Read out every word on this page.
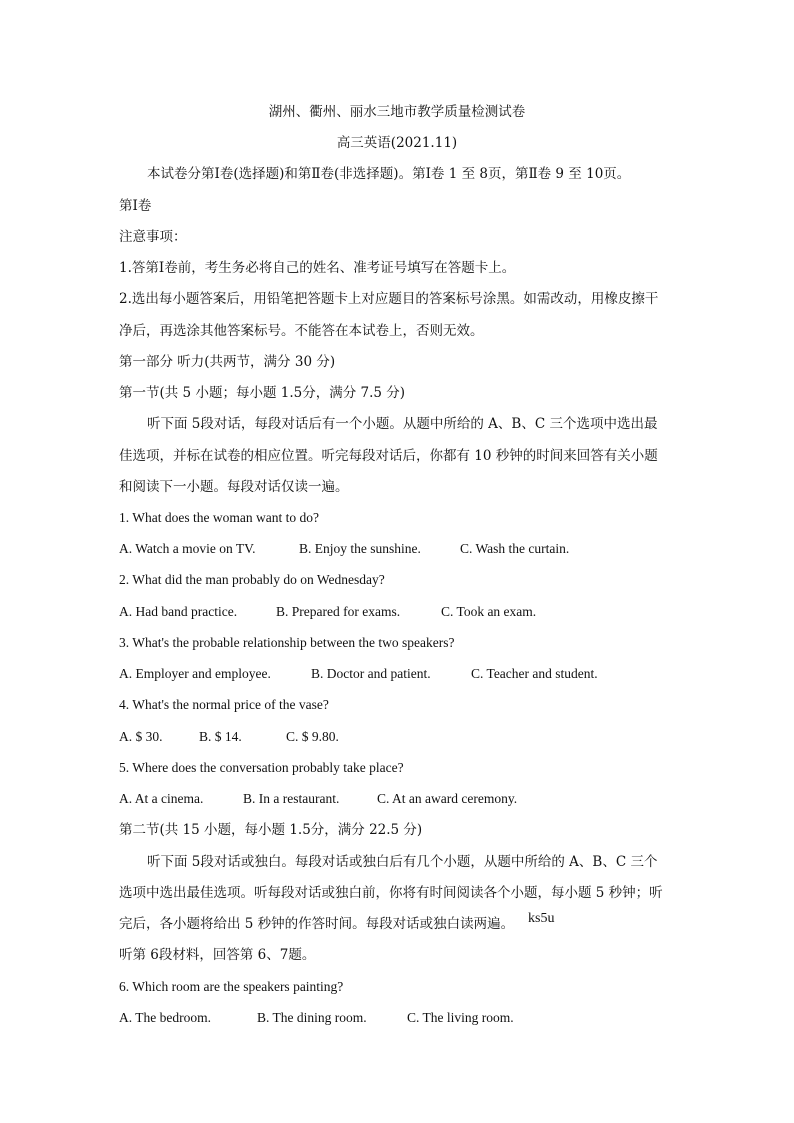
湖州、衢州、丽水三地市教学质量检测试卷
高三英语(2021.11)
本试卷分第Ⅰ卷(选择题)和第Ⅱ卷(非选择题)。第Ⅰ卷 1 至 8页，第Ⅱ卷 9 至 10页。
第Ⅰ卷
注意事项：
1.答第Ⅰ卷前，考生务必将自己的姓名、准考证号填写在答题卡上。
2.选出每小题答案后，用铅笔把答题卡上对应题目的答案标号涂黑。如需改动，用橡皮擦干
净后，再选涂其他答案标号。不能答在本试卷上，否则无效。
第一部分 听力(共两节，满分 30 分)
第一节(共 5 小题；每小题 1.5分，满分 7.5 分)
听下面 5段对话，每段对话后有一个小题。从题中所给的 A、B、C 三个选项中选出最
佳选项，并标在试卷的相应位置。听完每段对话后，你都有 10 秒钟的时间来回答有关小题
和阅读下一小题。每段对话仅读一遍。
1. What does the woman want to do?
A. Watch a movie on TV.	B. Enjoy the sunshine.	C. Wash the curtain.
2. What did the man probably do on Wednesday?
A. Had band practice.	B. Prepared for exams.	C. Took an exam.
3. What's the probable relationship between the two speakers?
A. Employer and employee.	B. Doctor and patient.	C. Teacher and student.
4. What's the normal price of the vase?
A. $ 30.	B. $ 14.	C. $ 9.80.
5. Where does the conversation probably take place?
A. At a cinema.	B. In a restaurant.	C. At an award ceremony.
第二节(共 15 小题，每小题 1.5分，满分 22.5 分)
听下面 5段对话或独白。每段对话或独白后有几个小题，从题中所给的 A、B、C 三个
选项中选出最佳选项。听每段对话或独白前，你将有时间阅读各个小题，每小题 5 秒钟；听
完后，各小题将给出 5 秒钟的作答时间。每段对话或独白读两遍。 ks5u
听第 6段材料，回答第 6、7题。
6. Which room are the speakers painting?
A. The bedroom.	B. The dining room.	C. The living room.
